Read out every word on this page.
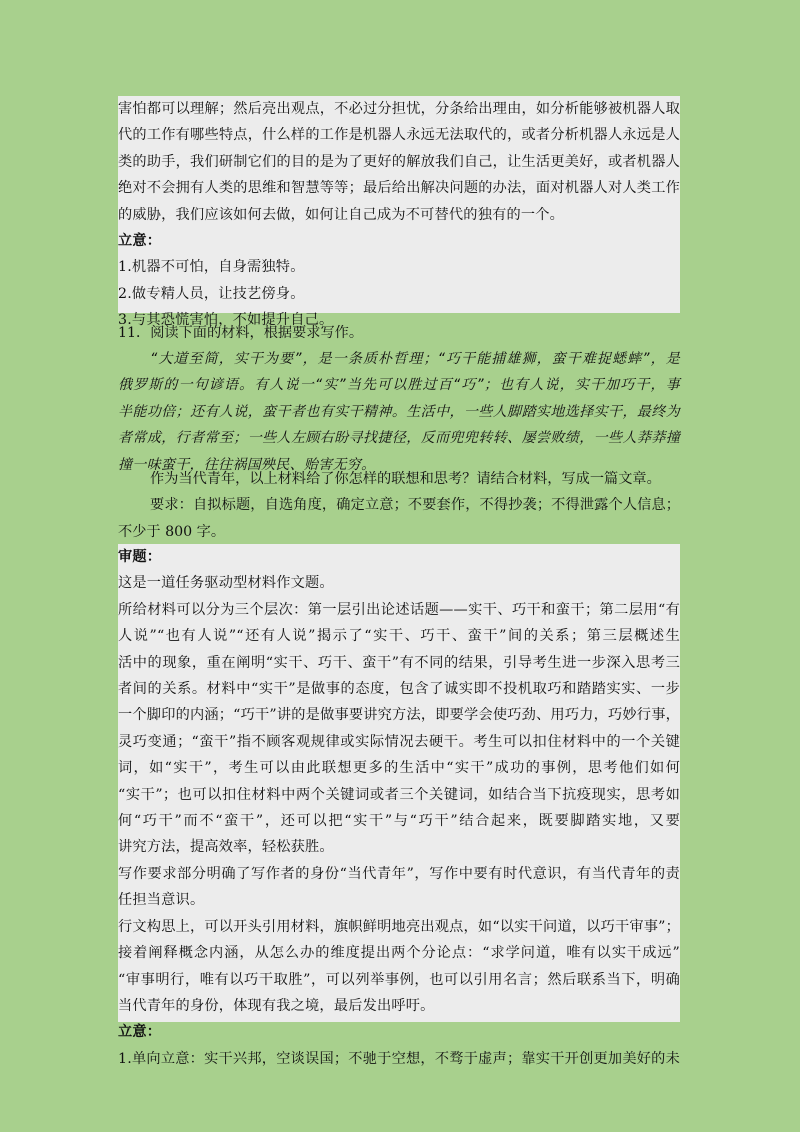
害怕都可以理解；然后亮出观点，不必过分担忧，分条给出理由，如分析能够被机器人取

代的工作有哪些特点，什么样的工作是机器人永远无法取代的，或者分析机器人永远是人

类的助手，我们研制它们的目的是为了更好的解放我们自己，让生活更美好，或者机器人

绝对不会拥有人类的思维和智慧等等；最后给出解决问题的办法，面对机器人对人类工作

的威胁，我们应该如何去做，如何让自己成为不可替代的独有的一个。

立意：

1.机器不可怕，自身需独特。

2.做专精人员，让技艺傍身。

3.与其恐慌害怕，不如提升自己。

11．阅读下面的材料，根据要求写作。

“大道至简，实干为要”，是一条质朴哲理；“巧干能捕雄狮，蛮干难捉蟋蟀”，是

俄罗斯的一句谚语。有人说一“实”当先可以胜过百“巧”；也有人说，实干加巧干，事

半能功倍；还有人说，蛮干者也有实干精神。生活中，一些人脚踏实地选择实干，最终为

者常成，行者常至；一些人左顾右盼寻找捷径，反而兜兜转转、屡尝败绩，一些人莽莽撞

撞一味蛮干，往往祸国殃民、贻害无穷。

作为当代青年，以上材料给了你怎样的联想和思考？请结合材料，写成一篇文章。

要求：自拟标题，自选角度，确定立意；不要套作，不得抄袭；不得泄露个人信息；

不少于 800 字。

审题：

这是一道任务驱动型材料作文题。

所给材料可以分为三个层次：第一层引出论述话题——实干、巧干和蛮干；第二层用“有

人说”“也有人说”“还有人说”揭示了“实干、巧干、蛮干”间的关系；第三层概述生

活中的现象，重在阐明“实干、巧干、蛮干”有不同的结果，引导考生进一步深入思考三

者间的关系。材料中“实干”是做事的态度，包含了诚实即不投机取巧和踏踏实实、一步

一个脚印的内涵；“巧干”讲的是做事要讲究方法，即要学会使巧劲、用巧力，巧妙行事，

灵巧变通；“蛮干”指不顾客观规律或实际情况去硬干。考生可以扣住材料中的一个关键

词，如“实干”，考生可以由此联想更多的生活中“实干”成功的事例，思考他们如何

“实干”；也可以扣住材料中两个关键词或者三个关键词，如结合当下抗疫现实，思考如

何“巧干”而不“蛮干”，还可以把“实干”与“巧干”结合起来，既要脚踏实地，又要

讲究方法，提高效率，轻松获胜。

写作要求部分明确了写作者的身份“当代青年”，写作中要有时代意识，有当代青年的责

任担当意识。

行文构思上，可以开头引用材料，旗帜鲜明地亮出观点，如“以实干问道，以巧干审事”；

接着阐释概念内涵，从怎么办的维度提出两个分论点：“求学问道，唯有以实干成远”

“审事明行，唯有以巧干取胜”，可以列举事例，也可以引用名言；然后联系当下，明确

当代青年的身份，体现有我之境，最后发出呼吁。

立意：

1.单向立意：实干兴邦，空谈误国；不驰于空想，不骛于虚声；靠实干开创更加美好的未
